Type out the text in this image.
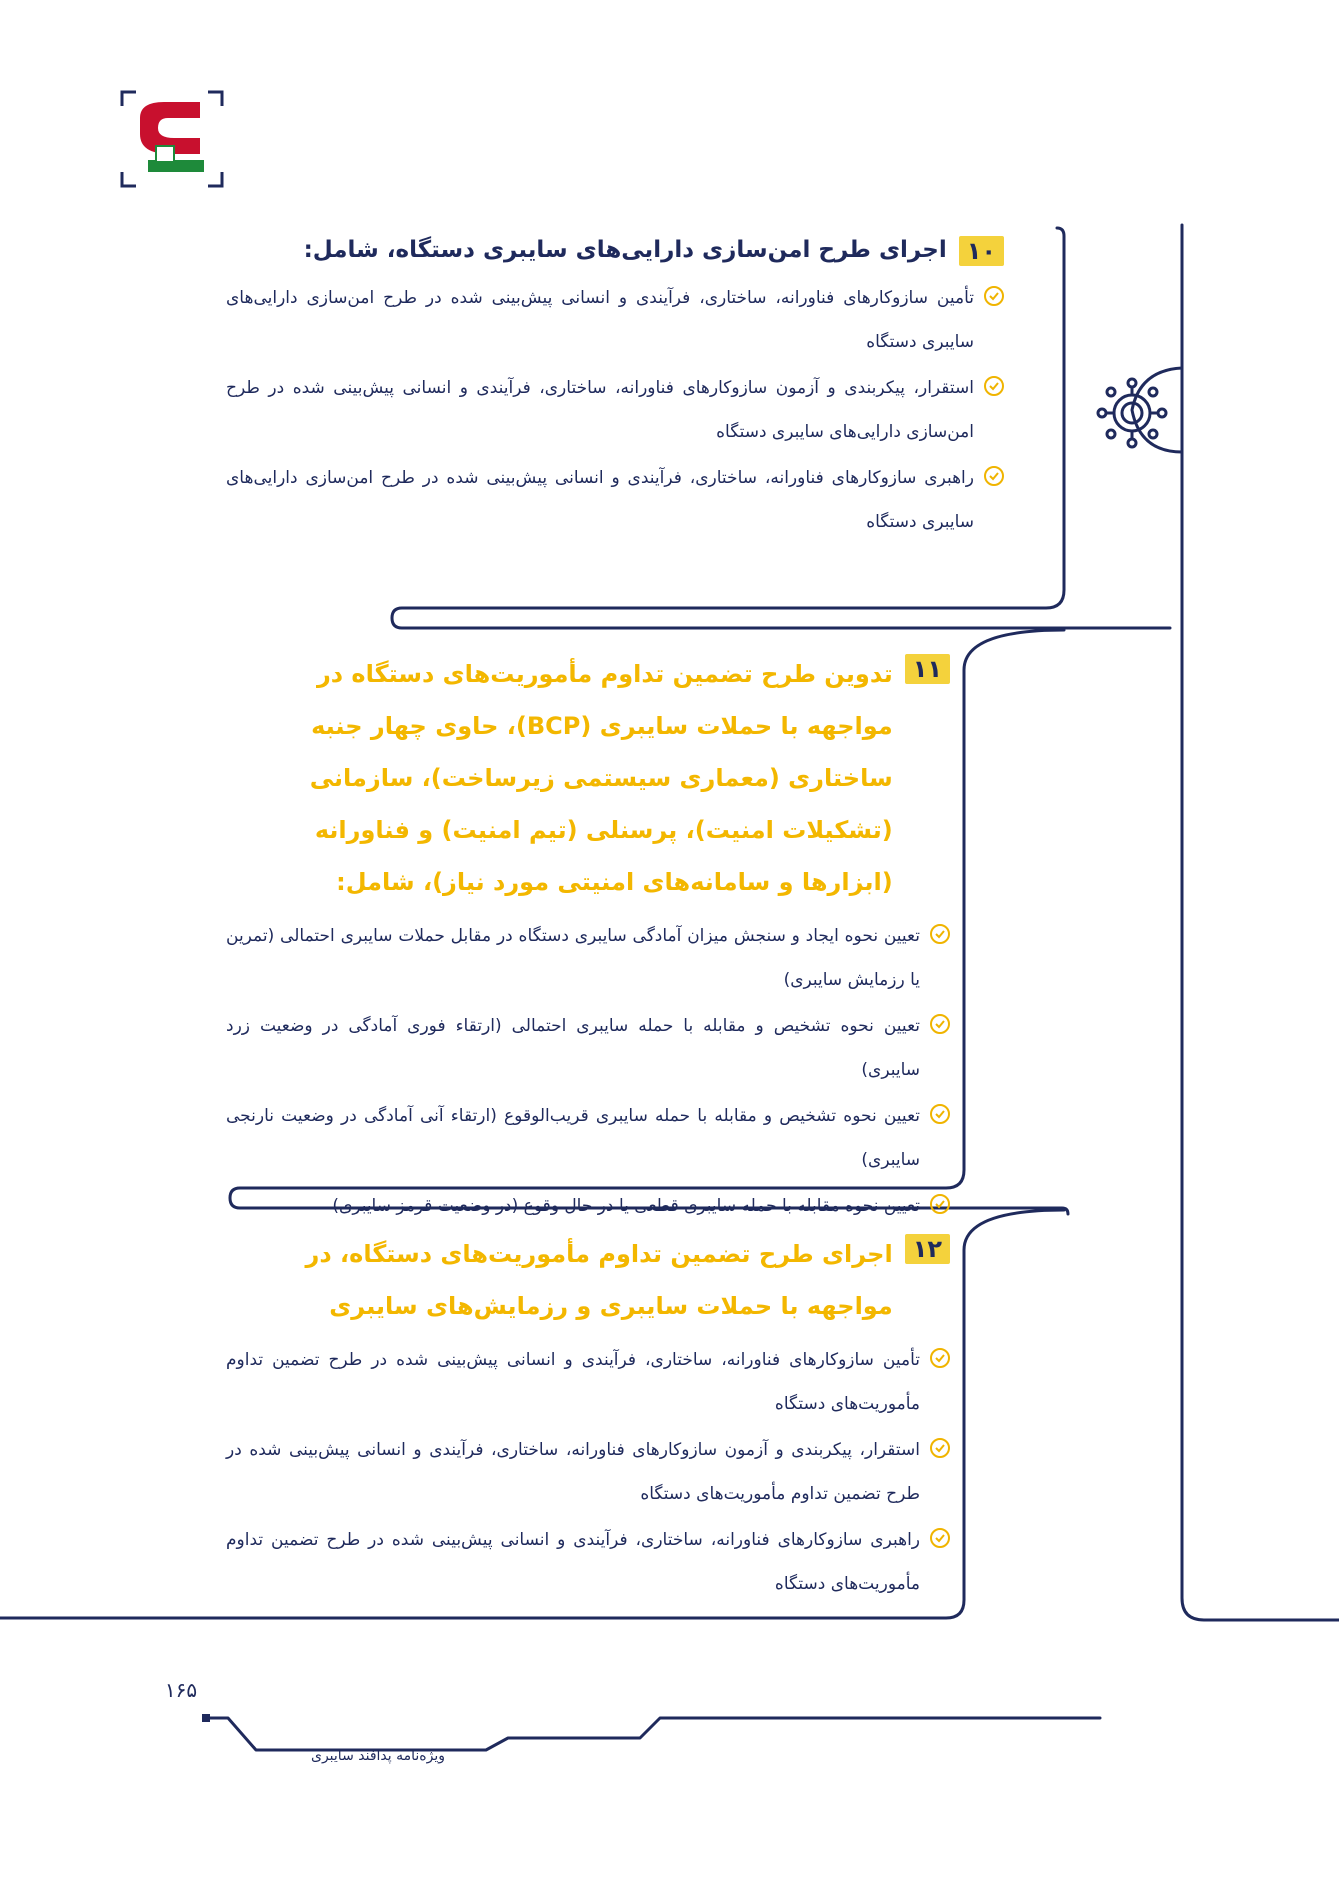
۱۰
اجرای طرح امن‌سازی دارایی‌های سایبری دستگاه، شامل:
تأمین سازوکارهای فناورانه، ساختاری، فرآیندی و انسانی پیش‌بینی شده در طرح امن‌سازی دارایی‌های سایبری دستگاه
استقرار، پیکربندی و آزمون سازوکارهای فناورانه، ساختاری، فرآیندی و انسانی پیش‌بینی شده در طرح امن‌سازی دارایی‌های سایبری دستگاه
راهبری سازوکارهای فناورانه، ساختاری، فرآیندی و انسانی پیش‌بینی شده در طرح امن‌سازی دارایی‌های سایبری دستگاه
۱۱
تدوین طرح تضمین تداوم مأموریت‌های دستگاه در مواجهه با حملات سایبری (BCP)، حاوی چهار جنبه ساختاری (معماری سیستمی زیرساخت)، سازمانی (تشکیلات امنیت)، پرسنلی (تیم امنیت) و فناورانه (ابزارها و سامانه‌های امنیتی مورد نیاز)، شامل:
تعیین نحوه ایجاد و سنجش میزان آمادگی سایبری دستگاه در مقابل حملات سایبری احتمالی (تمرین یا رزمایش سایبری)
تعیین نحوه تشخیص و مقابله با حمله سایبری احتمالی (ارتقاء فوری آمادگی در وضعیت زرد سایبری)
تعیین نحوه تشخیص و مقابله با حمله سایبری قریب‌الوقوع (ارتقاء آنی آمادگی در وضعیت نارنجی سایبری)
تعیین نحوه مقابله با حمله سایبری قطعی یا در حال وقوع (در وضعیت قرمز سایبری)
۱۲
اجرای طرح تضمین تداوم مأموریت‌های دستگاه، در مواجهه با حملات سایبری و رزمایش‌های سایبری
تأمین سازوکارهای فناورانه، ساختاری، فرآیندی و انسانی پیش‌بینی شده در طرح تضمین تداوم مأموریت‌های دستگاه
استقرار، پیکربندی و آزمون سازوکارهای فناورانه، ساختاری، فرآیندی و انسانی پیش‌بینی شده در طرح تضمین تداوم مأموریت‌های دستگاه
راهبری سازوکارهای فناورانه، ساختاری، فرآیندی و انسانی پیش‌بینی شده در طرح تضمین تداوم مأموریت‌های دستگاه
۱۶۵
ویژه‌نامه پدافند سایبری
